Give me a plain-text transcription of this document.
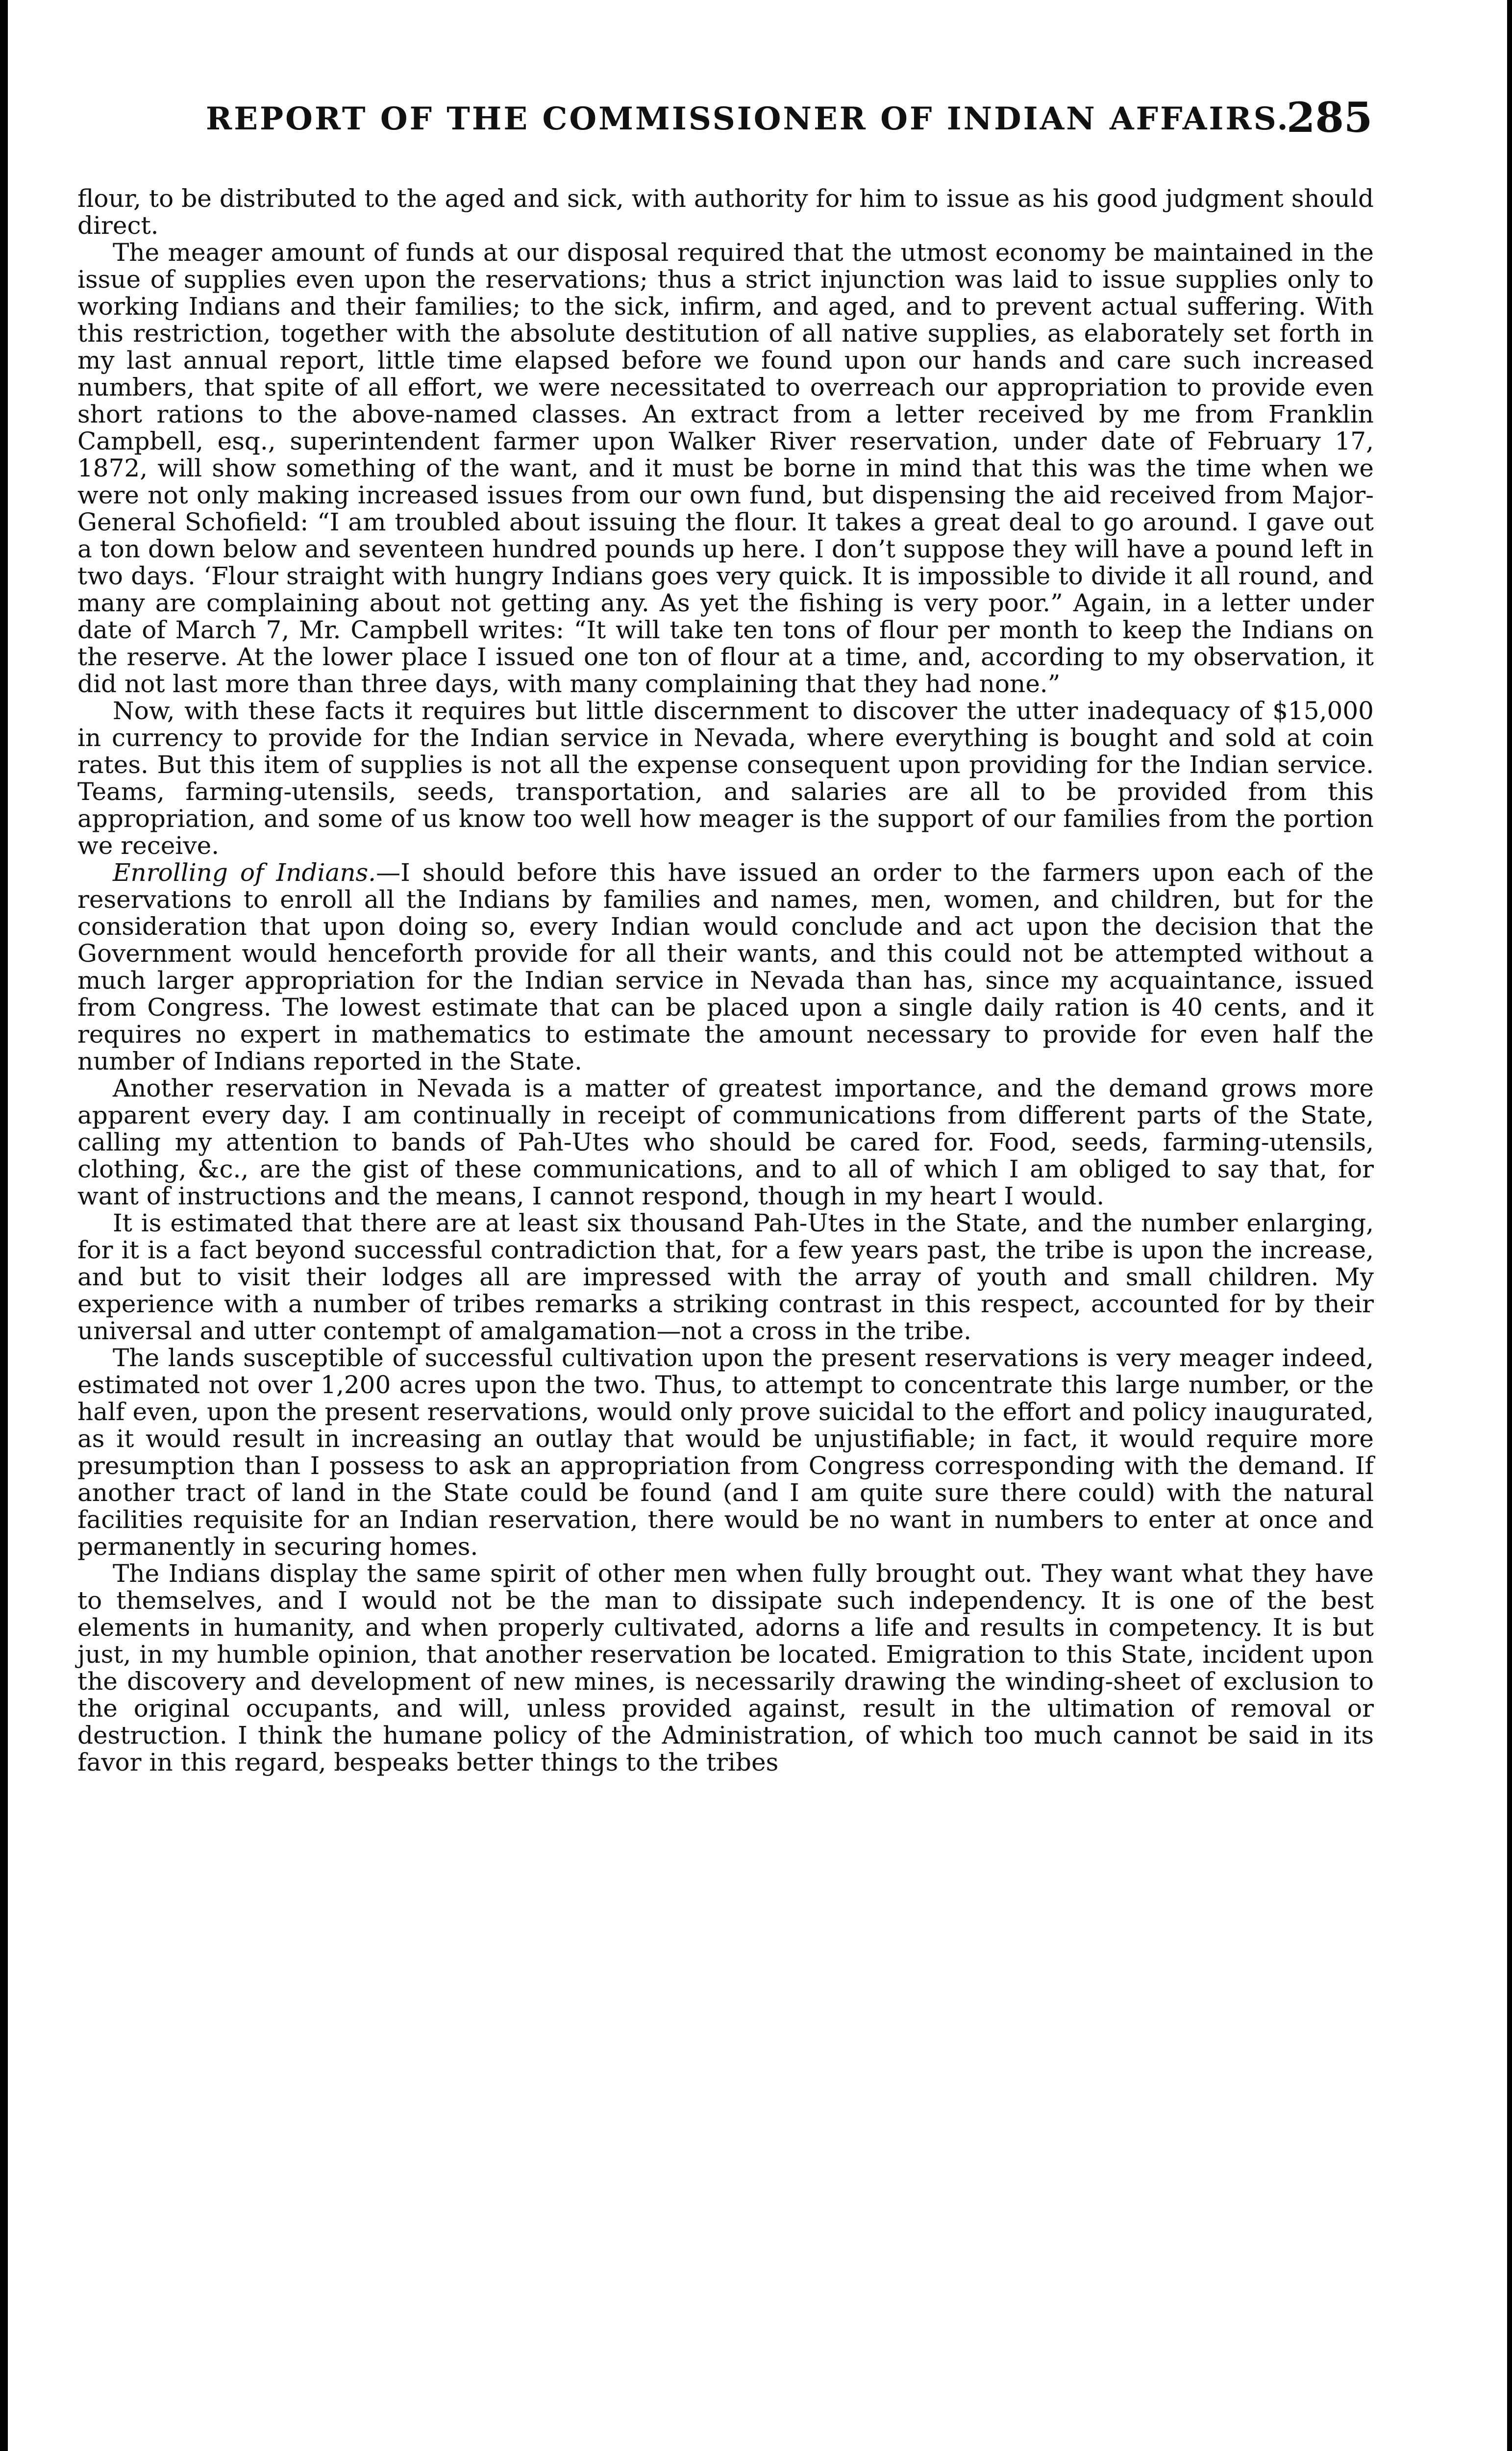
REPORT OF THE COMMISSIONER OF INDIAN AFFAIRS.
285

flour, to be distributed to the aged and sick, with authority for him to issue as his good judgment should direct.

The meager amount of funds at our disposal required that the utmost economy be maintained in the issue of supplies even upon the reservations; thus a strict injunction was laid to issue supplies only to working Indians and their families; to the sick, infirm, and aged, and to prevent actual suffering. With this restriction, together with the absolute destitution of all native supplies, as elaborately set forth in my last annual report, little time elapsed before we found upon our hands and care such increased numbers, that spite of all effort, we were necessitated to overreach our appropriation to provide even short rations to the above-named classes. An extract from a letter received by me from Franklin Campbell, esq., superintendent farmer upon Walker River reservation, under date of February 17, 1872, will show something of the want, and it must be borne in mind that this was the time when we were not only making increased issues from our own fund, but dispensing the aid received from Major-General Schofield: “I am troubled about issuing the flour. It takes a great deal to go around. I gave out a ton down below and seventeen hundred pounds up here. I don’t suppose they will have a pound left in two days. ‘Flour straight with hungry Indians goes very quick. It is impossible to divide it all round, and many are complaining about not getting any. As yet the fishing is very poor.” Again, in a letter under date of March 7, Mr. Campbell writes: “It will take ten tons of flour per month to keep the Indians on the reserve. At the lower place I issued one ton of flour at a time, and, according to my observation, it did not last more than three days, with many complaining that they had none.”

Now, with these facts it requires but little discernment to discover the utter inadequacy of $15,000 in currency to provide for the Indian service in Nevada, where everything is bought and sold at coin rates. But this item of supplies is not all the expense consequent upon providing for the Indian service. Teams, farming-utensils, seeds, transportation, and salaries are all to be provided from this appropriation, and some of us know too well how meager is the support of our families from the portion we receive.

Enrolling of Indians.—I should before this have issued an order to the farmers upon each of the reservations to enroll all the Indians by families and names, men, women, and children, but for the consideration that upon doing so, every Indian would conclude and act upon the decision that the Government would henceforth provide for all their wants, and this could not be attempted without a much larger appropriation for the Indian service in Nevada than has, since my acquaintance, issued from Congress. The lowest estimate that can be placed upon a single daily ration is 40 cents, and it requires no expert in mathematics to estimate the amount necessary to provide for even half the number of Indians reported in the State.

Another reservation in Nevada is a matter of greatest importance, and the demand grows more apparent every day. I am continually in receipt of communications from different parts of the State, calling my attention to bands of Pah-Utes who should be cared for. Food, seeds, farming-utensils, clothing, &c., are the gist of these communications, and to all of which I am obliged to say that, for want of instructions and the means, I cannot respond, though in my heart I would.

It is estimated that there are at least six thousand Pah-Utes in the State, and the number enlarging, for it is a fact beyond successful contradiction that, for a few years past, the tribe is upon the increase, and but to visit their lodges all are impressed with the array of youth and small children. My experience with a number of tribes remarks a striking contrast in this respect, accounted for by their universal and utter contempt of amalgamation—not a cross in the tribe.

The lands susceptible of successful cultivation upon the present reservations is very meager indeed, estimated not over 1,200 acres upon the two. Thus, to attempt to concentrate this large number, or the half even, upon the present reservations, would only prove suicidal to the effort and policy inaugurated, as it would result in increasing an outlay that would be unjustifiable; in fact, it would require more presumption than I possess to ask an appropriation from Congress corresponding with the demand. If another tract of land in the State could be found (and I am quite sure there could) with the natural facilities requisite for an Indian reservation, there would be no want in numbers to enter at once and permanently in securing homes.

The Indians display the same spirit of other men when fully brought out. They want what they have to themselves, and I would not be the man to dissipate such independency. It is one of the best elements in humanity, and when properly cultivated, adorns a life and results in competency. It is but just, in my humble opinion, that another reservation be located. Emigration to this State, incident upon the discovery and development of new mines, is necessarily drawing the winding-sheet of exclusion to the original occupants, and will, unless provided against, result in the ultimation of removal or destruction. I think the humane policy of the Administration, of which too much cannot be said in its favor in this regard, bespeaks better things to the tribes
